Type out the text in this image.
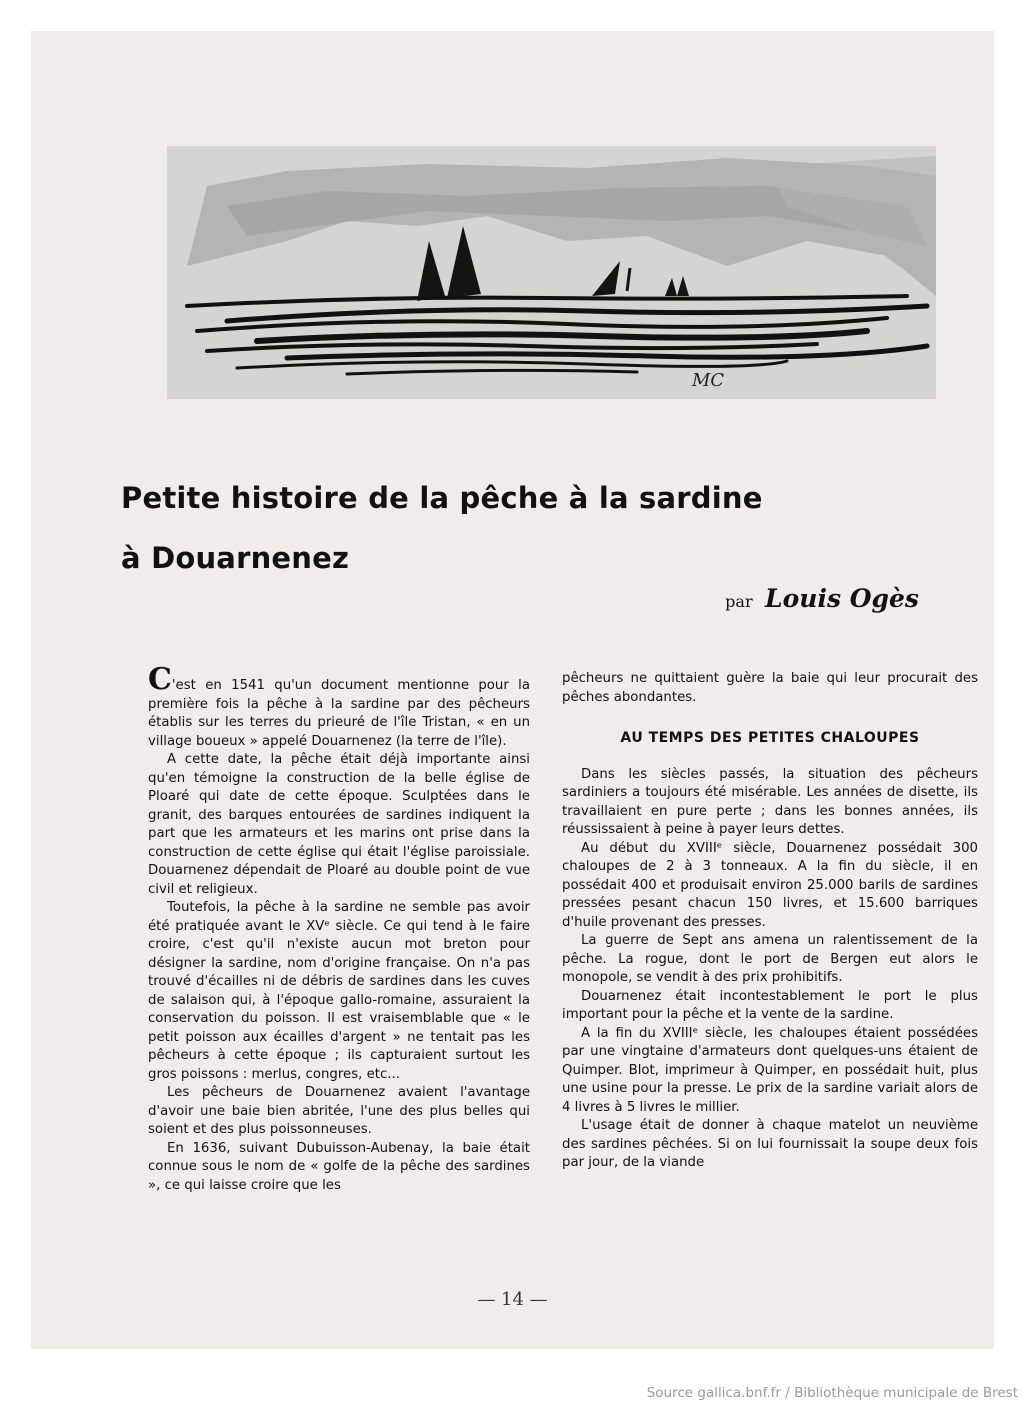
MC
Petite histoire de la pêche à la sardine
à Douarnenez
par Louis Ogès

C'est en 1541 qu'un document mentionne pour la première fois la pêche à la sardine par des pêcheurs établis sur les terres du prieuré de l'île Tristan, « en un village boueux » appelé Douarnenez (la terre de l'île).

A cette date, la pêche était déjà importante ainsi qu'en témoigne la construction de la belle église de Ploaré qui date de cette époque. Sculptées dans le granit, des barques entourées de sardines indiquent la part que les armateurs et les marins ont prise dans la construction de cette église qui était l'église paroissiale. Douarnenez dépendait de Ploaré au double point de vue civil et religieux.

Toutefois, la pêche à la sardine ne semble pas avoir été pratiquée avant le XVᵉ siècle. Ce qui tend à le faire croire, c'est qu'il n'existe aucun mot breton pour désigner la sardine, nom d'origine française. On n'a pas trouvé d'écailles ni de débris de sardines dans les cuves de salaison qui, à l'époque gallo-romaine, assuraient la conservation du poisson. Il est vraisemblable que « le petit poisson aux écailles d'argent » ne tentait pas les pêcheurs à cette époque ; ils capturaient surtout les gros poissons : merlus, congres, etc...

Les pêcheurs de Douarnenez avaient l'avantage d'avoir une baie bien abritée, l'une des plus belles qui soient et des plus poissonneuses.

En 1636, suivant Dubuisson-Aubenay, la baie était connue sous le nom de « golfe de la pêche des sardines », ce qui laisse croire que les

pêcheurs ne quittaient guère la baie qui leur procurait des pêches abondantes.

AU TEMPS DES PETITES CHALOUPES

Dans les siècles passés, la situation des pêcheurs sardiniers a toujours été misérable. Les années de disette, ils travaillaient en pure perte ; dans les bonnes années, ils réussissaient à peine à payer leurs dettes.

Au début du XVIIIᵉ siècle, Douarnenez possédait 300 chaloupes de 2 à 3 tonneaux. A la fin du siècle, il en possédait 400 et produisait environ 25.000 barils de sardines pressées pesant chacun 150 livres, et 15.600 barriques d'huile provenant des presses.

La guerre de Sept ans amena un ralentissement de la pêche. La rogue, dont le port de Bergen eut alors le monopole, se vendit à des prix prohibitifs.

Douarnenez était incontestablement le port le plus important pour la pêche et la vente de la sardine.

A la fin du XVIIIᵉ siècle, les chaloupes étaient possédées par une vingtaine d'armateurs dont quelques-uns étaient de Quimper. Blot, imprimeur à Quimper, en possédait huit, plus une usine pour la presse. Le prix de la sardine variait alors de 4 livres à 5 livres le millier.

L'usage était de donner à chaque matelot un neuvième des sardines pêchées. Si on lui fournissait la soupe deux fois par jour, de la viande

— 14 —
Source gallica.bnf.fr / Bibliothèque municipale de Brest
